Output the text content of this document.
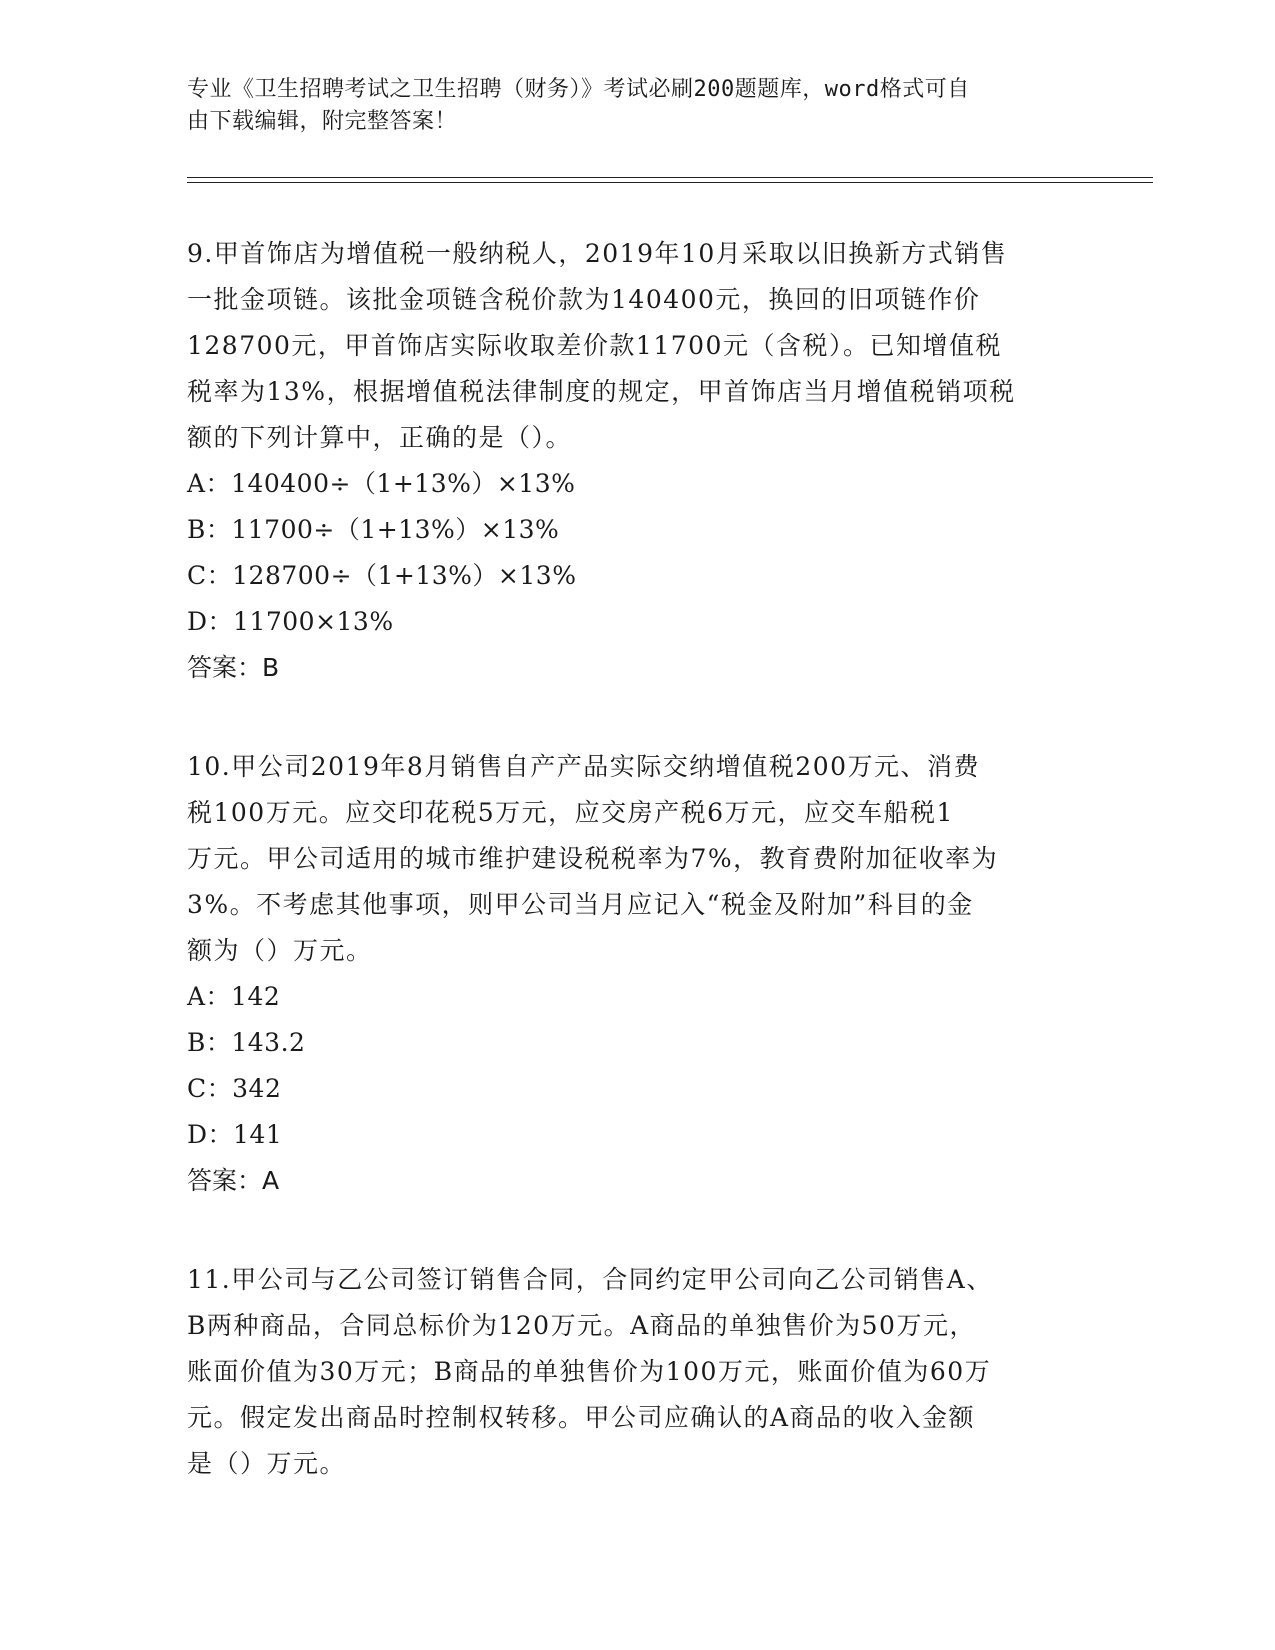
专业《卫生招聘考试之卫生招聘（财务）》考试必刷200题题库，word格式可自
由下载编辑，附完整答案！
9.甲首饰店为增值税一般纳税人，2019年10月采取以旧换新方式销售
一批金项链。该批金项链含税价款为140400元，换回的旧项链作价
128700元，甲首饰店实际收取差价款11700元（含税）。已知增值税
税率为13%，根据增值税法律制度的规定，甲首饰店当月增值税销项税
额的下列计算中，正确的是（）。
A：140400÷（1+13%）×13%
B：11700÷（1+13%）×13%
C：128700÷（1+13%）×13%
D：11700×13%
答案：B
10.甲公司2019年8月销售自产产品实际交纳增值税200万元、消费
税100万元。应交印花税5万元，应交房产税6万元，应交车船税1
万元。甲公司适用的城市维护建设税税率为7%，教育费附加征收率为
3%。不考虑其他事项，则甲公司当月应记入“税金及附加”科目的金
额为（）万元。
A：142
B：143.2
C：342
D：141
答案：A
11.甲公司与乙公司签订销售合同，合同约定甲公司向乙公司销售A、
B两种商品，合同总标价为120万元。A商品的单独售价为50万元，
账面价值为30万元；B商品的单独售价为100万元，账面价值为60万
元。假定发出商品时控制权转移。甲公司应确认的A商品的收入金额
是（）万元。
